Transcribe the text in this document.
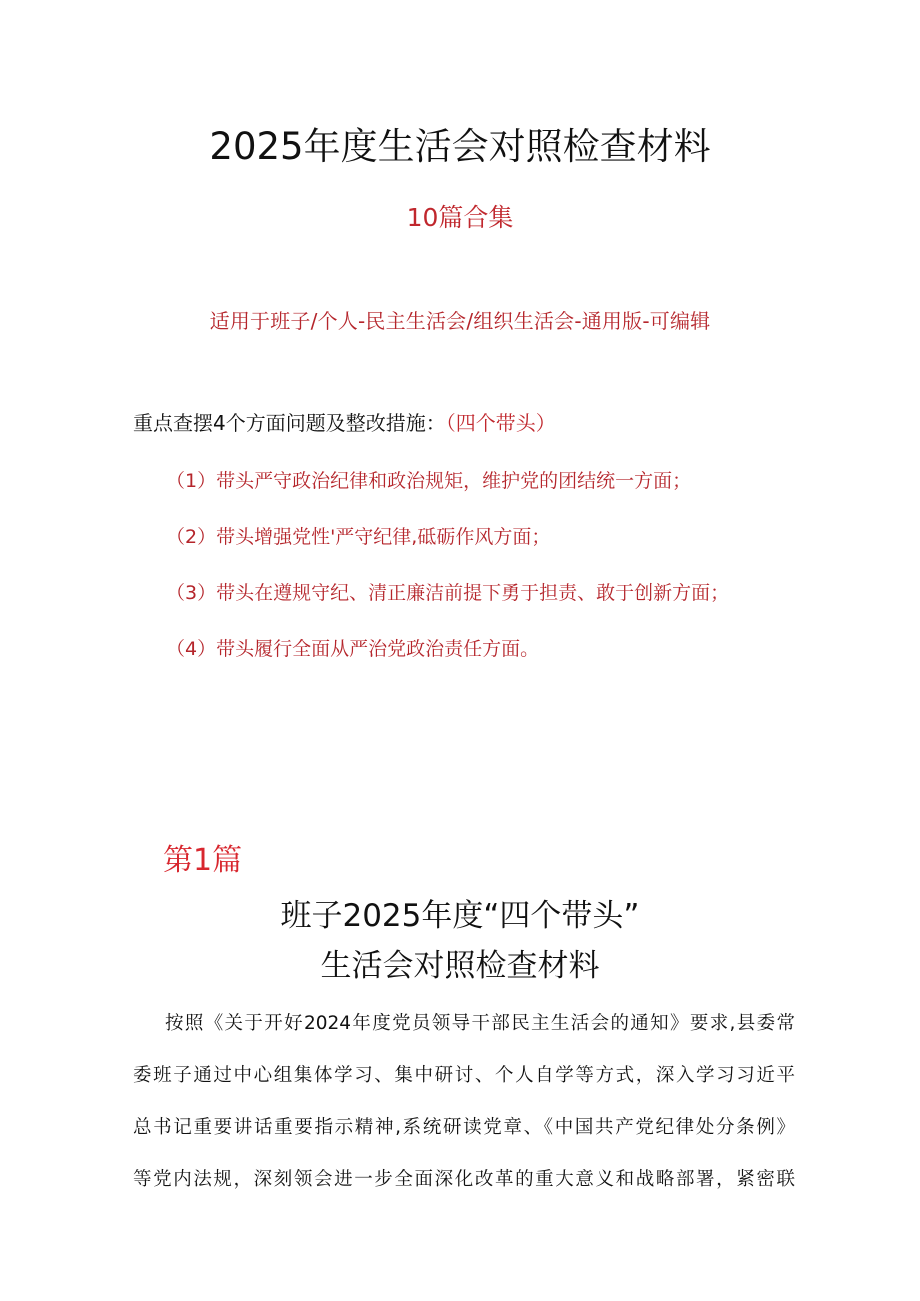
2025年度生活会对照检查材料
10篇合集
适用于班子/个人-民主生活会/组织生活会-通用版-可编辑
重点查摆4个方面问题及整改措施：（四个带头）
（1）带头严守政治纪律和政治规矩，维护党的团结统一方面；
（2）带头增强党性'严守纪律,砥砺作风方面；
（3）带头在遵规守纪、清正廉洁前提下勇于担责、敢于创新方面；
（4）带头履行全面从严治党政治责任方面。
第1篇
班子2025年度“四个带头”
生活会对照检查材料
按照《关于开好2024年度党员领导干部民主生活会的通知》要求,县委常
委班子通过中心组集体学习、集中研讨、个人自学等方式，深入学习习近平
总书记重要讲话重要指示精神,系统研读党章、《中国共产党纪律处分条例》
等党内法规，深刻领会进一步全面深化改革的重大意义和战略部署，紧密联
